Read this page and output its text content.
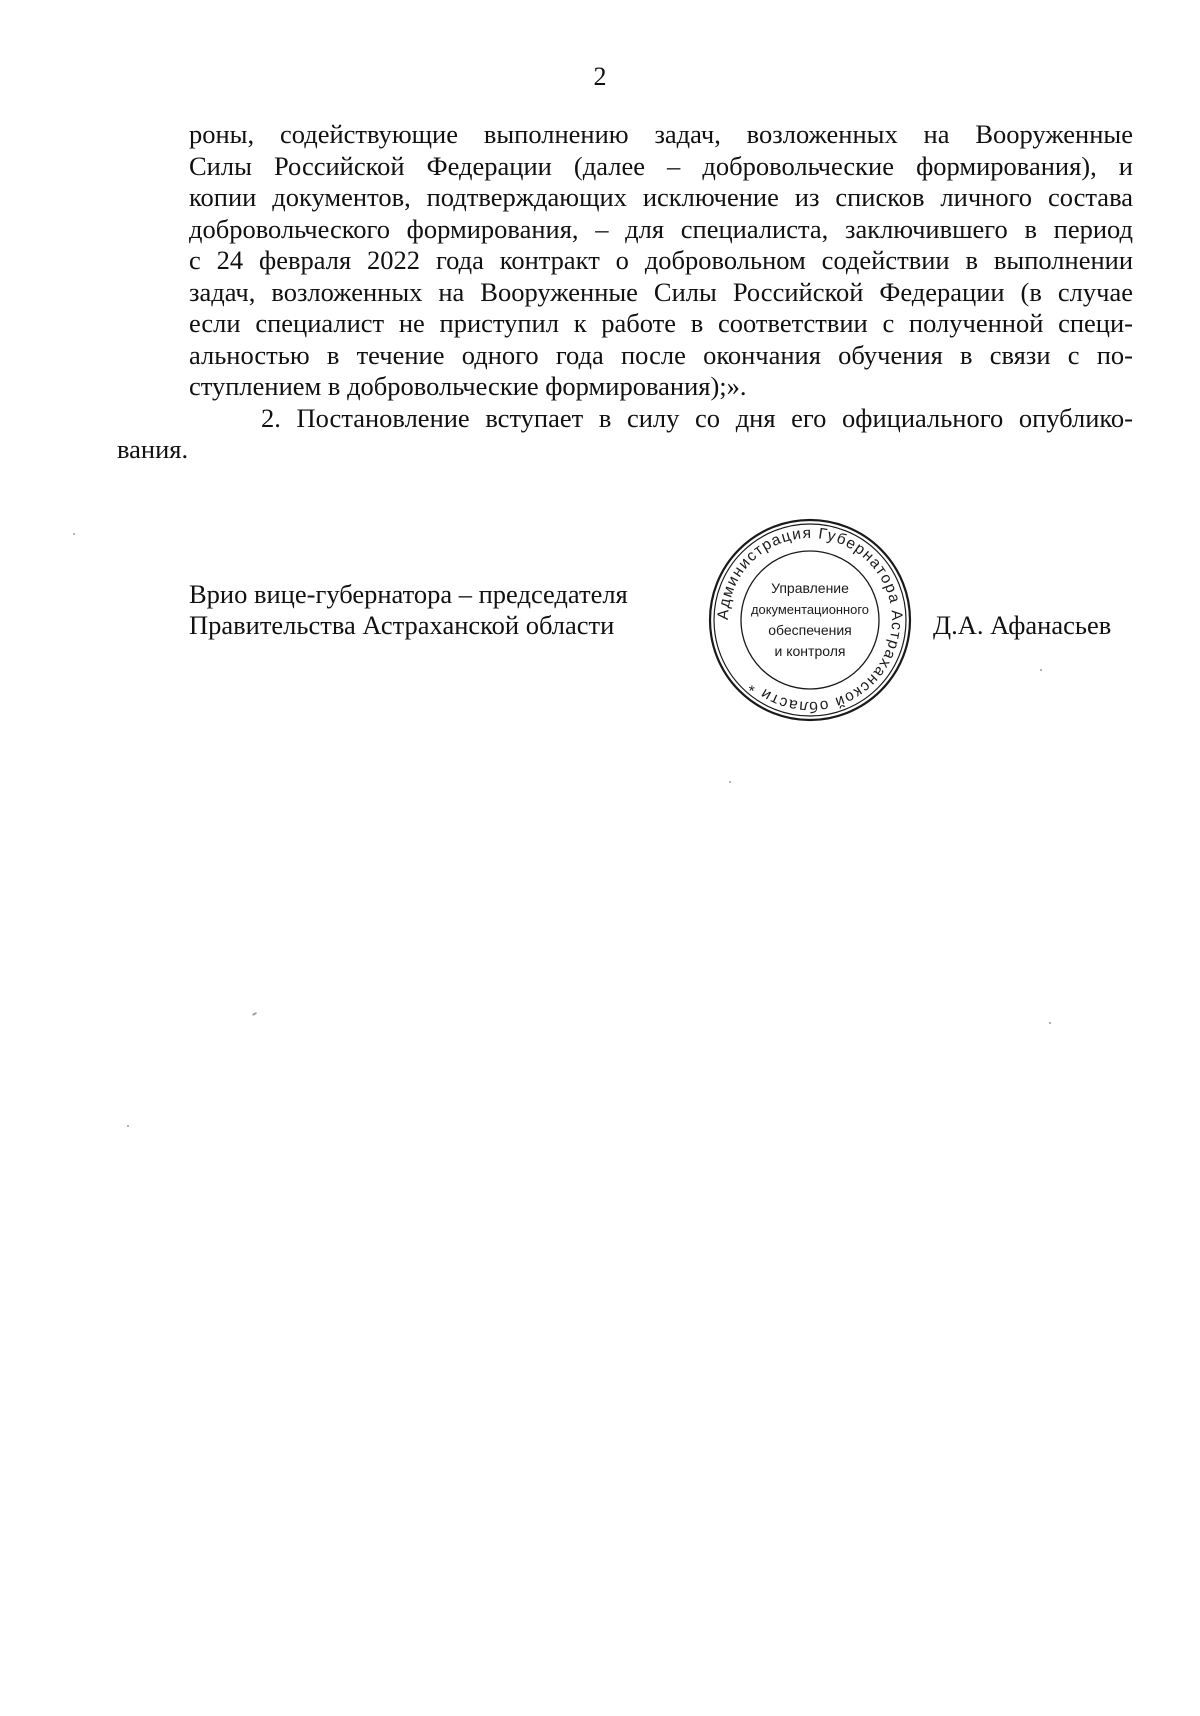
2

роны, содействующие выполнению задач, возложенных на Вооруженные
Силы Российской Федерации (далее – добровольческие формирования), и
копии документов, подтверждающих исключение из списков личного состава
добровольческого формирования, – для специалиста, заключившего в период
с 24 февраля 2022 года контракт о добровольном содействии в выполнении
задач, возложенных на Вооруженные Силы Российской Федерации (в случае
если специалист не приступил к работе в соответствии с полученной специ-
альностью в течение одного года после окончания обучения в связи с по-
ступлением в добровольческие формирования);».

2. Постановление вступает в силу со дня его официального опублико-
вания.

Врио вице-губернатора – председателя
Правительства Астраханской области	Администрация Губернатора Астраханской области *
Управление
документационного
обеспечения
и контроля
Д.А. Афанасьев
